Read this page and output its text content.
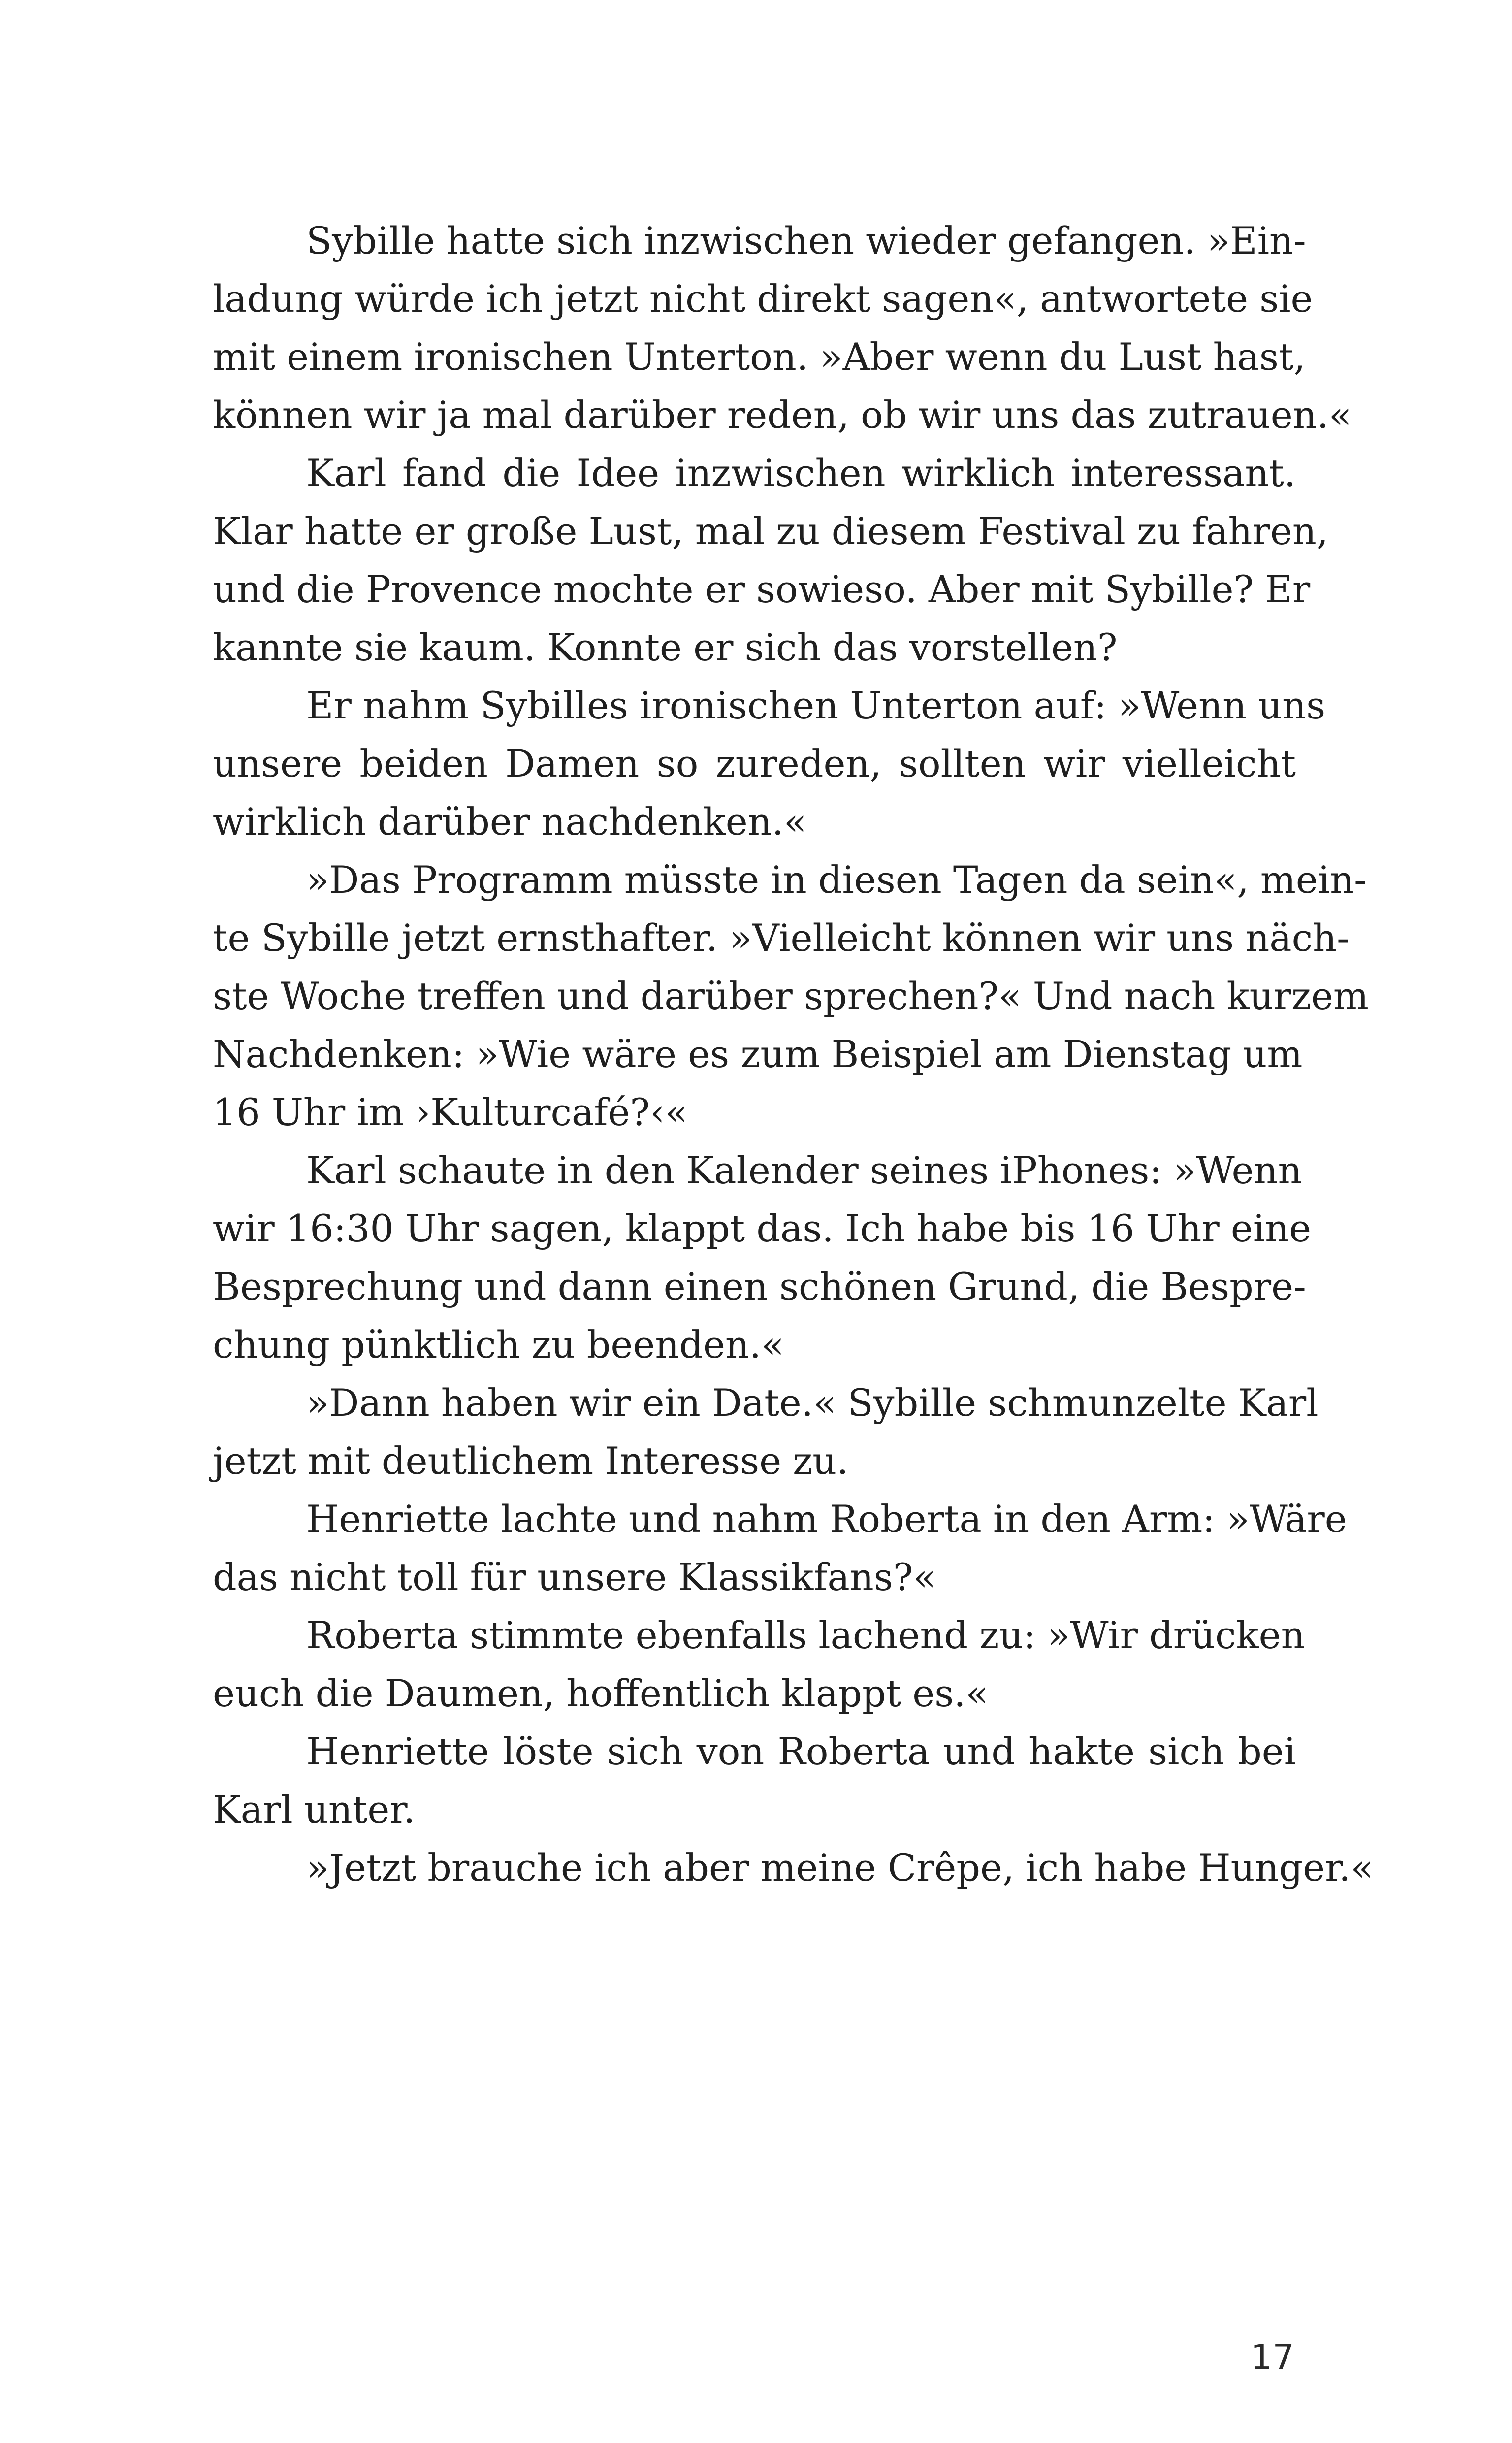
Sybille hatte sich inzwischen wieder gefangen. »Ein-
ladung würde ich jetzt nicht direkt sagen«, antwortete sie
mit einem ironischen Unterton. »Aber wenn du Lust hast,
können wir ja mal darüber reden, ob wir uns das zutrauen.«
Karl fand die Idee inzwischen wirklich interessant.
Klar hatte er große Lust, mal zu diesem Festival zu fahren,
und die Provence mochte er sowieso. Aber mit Sybille? Er
kannte sie kaum. Konnte er sich das vorstellen?
Er nahm Sybilles ironischen Unterton auf: »Wenn uns
unsere beiden Damen so zureden, sollten wir vielleicht
wirklich darüber nachdenken.«
»Das Programm müsste in diesen Tagen da sein«, mein-
te Sybille jetzt ernsthafter. »Vielleicht können wir uns näch-
ste Woche treffen und darüber sprechen?« Und nach kurzem
Nachdenken: »Wie wäre es zum Beispiel am Dienstag um
16 Uhr im ›Kulturcafé?‹«
Karl schaute in den Kalender seines iPhones: »Wenn
wir 16:30 Uhr sagen, klappt das. Ich habe bis 16 Uhr eine
Besprechung und dann einen schönen Grund, die Bespre-
chung pünktlich zu beenden.«
»Dann haben wir ein Date.« Sybille schmunzelte Karl
jetzt mit deutlichem Interesse zu.
Henriette lachte und nahm Roberta in den Arm: »Wäre
das nicht toll für unsere Klassikfans?«
Roberta stimmte ebenfalls lachend zu: »Wir drücken
euch die Daumen, hoffentlich klappt es.«
Henriette löste sich von Roberta und hakte sich bei
Karl unter.
»Jetzt brauche ich aber meine Crêpe, ich habe Hunger.«
17
